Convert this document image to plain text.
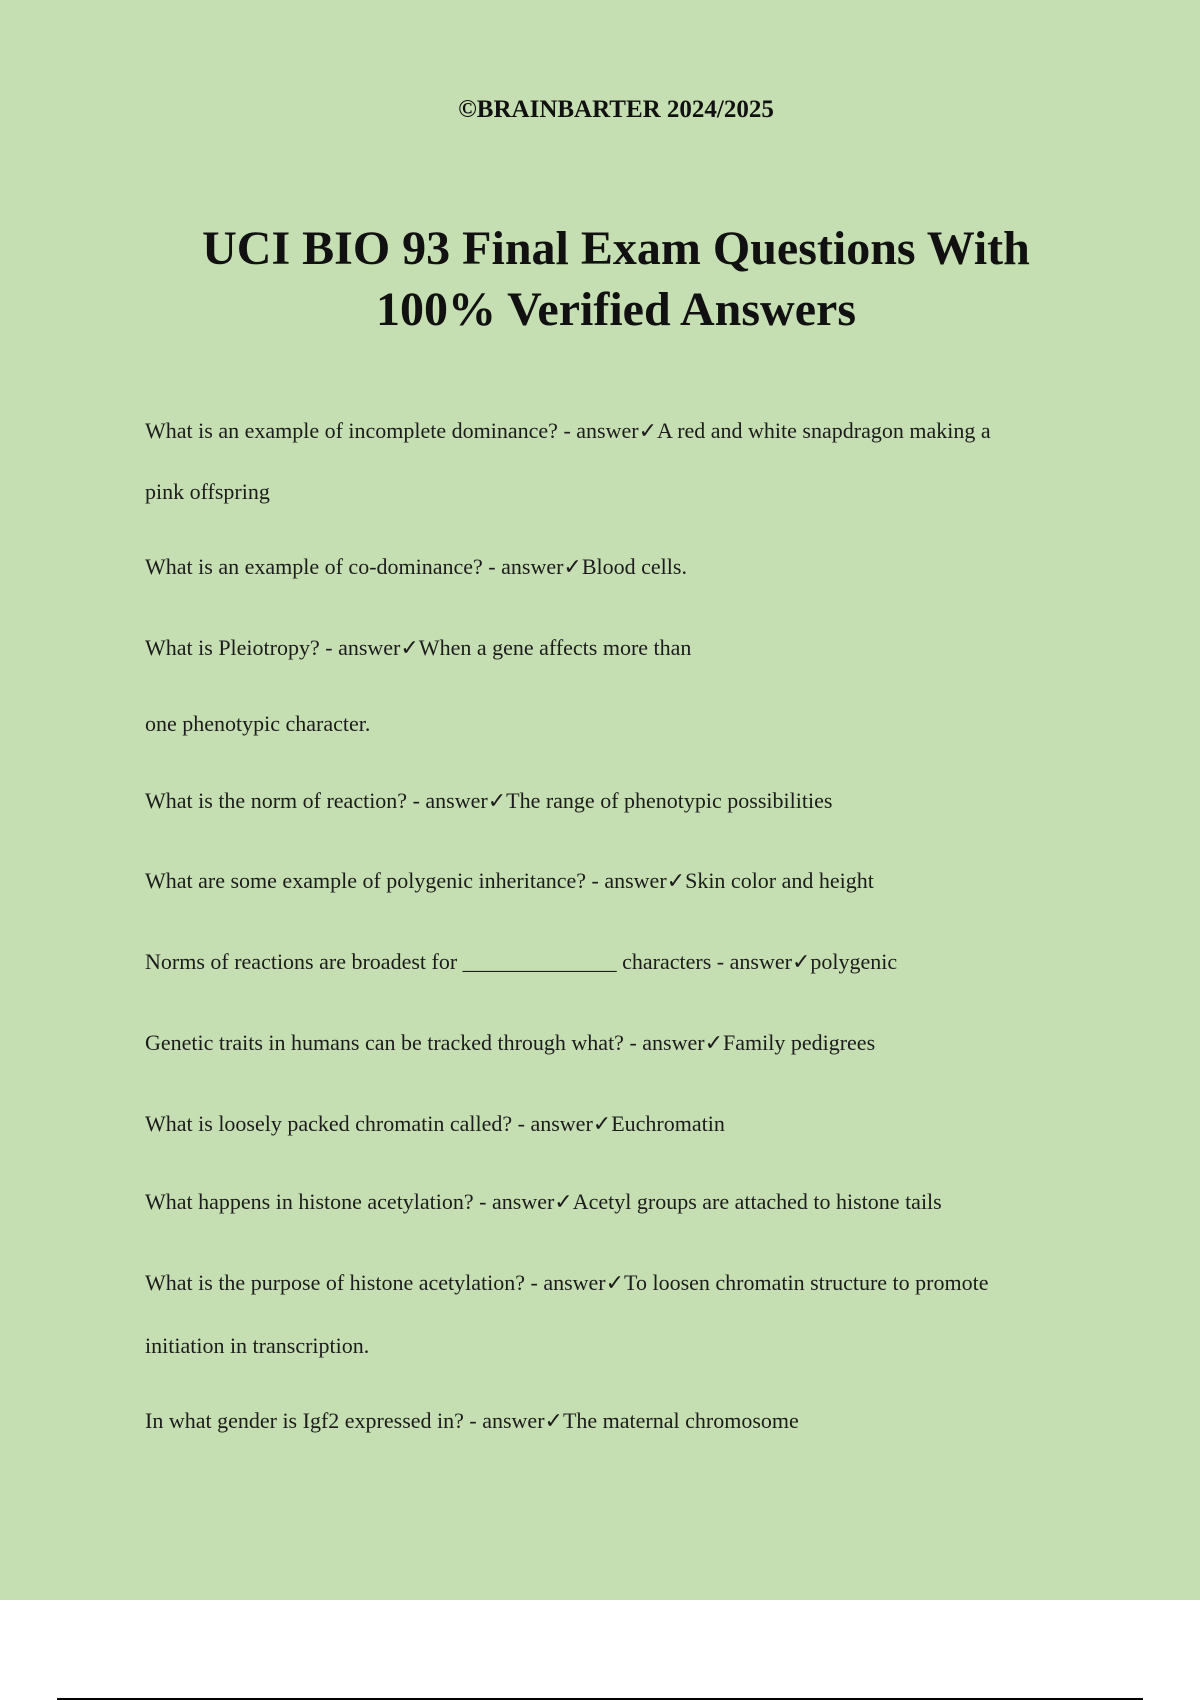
©BRAINBARTER 2024/2025
UCI BIO 93 Final Exam Questions With
100% Verified Answers

What is an example of incomplete dominance? - answer✓A red and white snapdragon making a

pink offspring

What is an example of co-dominance? - answer✓Blood cells.

What is Pleiotropy? - answer✓When a gene affects more than

one phenotypic character.

What is the norm of reaction? - answer✓The range of phenotypic possibilities

What are some example of polygenic inheritance? - answer✓Skin color and height

Norms of reactions are broadest for ______________ characters - answer✓polygenic

Genetic traits in humans can be tracked through what? - answer✓Family pedigrees

What is loosely packed chromatin called? - answer✓Euchromatin

What happens in histone acetylation? - answer✓Acetyl groups are attached to histone tails

What is the purpose of histone acetylation? - answer✓To loosen chromatin structure to promote

initiation in transcription.

In what gender is Igf2 expressed in? - answer✓The maternal chromosome
